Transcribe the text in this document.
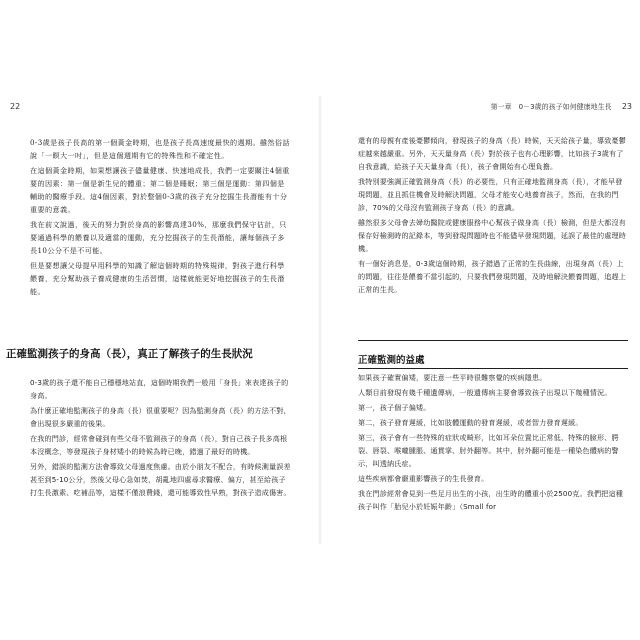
22

0-3歲是孩子長高的第一個黃金時期，也是孩子長高速度最快的週期。雖然俗話說「一瞑大一吋」，但是這個週期有它的特殊性和不確定性。

在這個黃金時期，如果想讓孩子儘量健康、快速地成長，我們一定要關注4個重要的因素：第一個是新生兒的體重；第二個是睡眠；第三個是運動：第四個是輔助的醫療手段。這4個因素，對於整個0-3歲的孩子充分挖掘生長潛能有十分重要的意義。

我在前文說過，後天的努力對於身高的影響高達30%，那麼我們保守估計，只要通過科學的餵養以及適當的運動，充分挖掘孩子的生長潛能，讓每個孩子多長10公分不是不可能。

但是要想讓父母提早用科學的知識了解這個時期的特殊規律，對孩子進行科學餵養，充分幫助孩子養成健康的生活習慣，這樣就能更好地挖掘孩子的生長潛能。

正確監測孩子的身高（長），真正了解孩子的生長狀況

0-3歲的孩子還不能自己穩穩地站直，這個時期我們一般用「身長」來表達孩子的身高。

為什麼正確地監測孩子的身高（長）很重要呢？因為監測身高（長）的方法不對，會出現很多嚴重的後果。

在我的門診，經常會碰到有些父母不監測孩子的身高（長），對自己孩子長多高根本沒概念，等發現孩子身材矮小的時候為時已晚，錯過了最好的時機。

另外，錯誤的監測方法會導致父母過度焦慮。由於小朋友不配合，有時候測量誤差甚至到5-10公分，然後父母心急如焚，胡亂地四處尋求醫療、偏方，甚至給孩子打生長激素、吃補品等，這樣不僅浪費錢，還可能導致性早熟，對孩子造成傷害。

第一章　0－3歲的孩子如何健康地生長 23

還有的母親有產後憂鬱傾向，發現孩子的身高（長）時候，天天給孩子量，導致憂鬱症越來越嚴重。另外，天天量身高（長）對於孩子也有心理影響，比如孩子3歲有了自我意識，給孩子天天量身高（長），孩子會開始有心理負擔。

我特別要強調正確監測身高（長）的必要性，只有正確地監測身高（長），才能早發現問題，並且抓住機會及時解決問題，父母才能安心地養育孩子，然而，在我的門診，70%的父母沒有監測孩子身高（長）的意識。

雖然很多父母會去婦幼醫院或健康服務中心幫孩子做身高（長）檢測，但是大都沒有保存好檢測時的記錄本，等到發現問題時也不能儘早發現問題，延誤了最佳的處理時機。

有一個好消息是，0-3歲這個時期，孩子錯過了正常的生長曲線，出現身高（長）上的問題，往往是餵養不當引起的，只要我們發現問題，及時地解決餵養問題，追趕上正常的生長。

正確監測的益處

如果孩子確實偏矮，要注意一些平時很難察覺的疾病隱患。

人類目前發現有幾千種遺傳病，一般遺傳病主要會導致孩子出現以下幾種情況。

第一，孩子個子偏矮。

第二，孩子發育遲緩，比如肢體運動的發育遲緩，或者智力發育遲緩。

第三，孩子會有一些特殊的症狀或畸形，比如耳朵位置比正常低、特殊的臉形、腭裂、唇裂、喉嚨腫脹、通貫掌、肘外翻等。其中，肘外翻可能是一種染色體病的警示，叫透納氏症。

這些疾病都會嚴重影響孩子的生長發育。

我在門診經常會見到一些足月出生的小孩，出生時的體重小於2500克。我們把這種孩子叫作「胎兒小於妊娠年齡」（Small for
